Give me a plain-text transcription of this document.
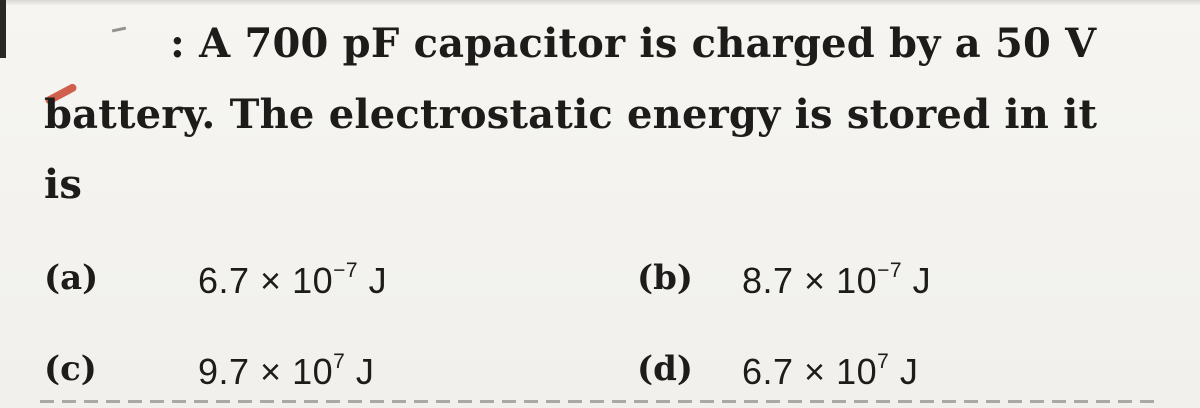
: A 700 pF capacitor is charged by a 50 V
battery. The electrostatic energy is stored in it
is
(a)	$6.7 \times 10^{-7}$ J	(b) $8.7 \times 10^{-7}$ J
(c)	$9.7 \times 10^7$ J	(d) $6.7 \times 10^7$ J
